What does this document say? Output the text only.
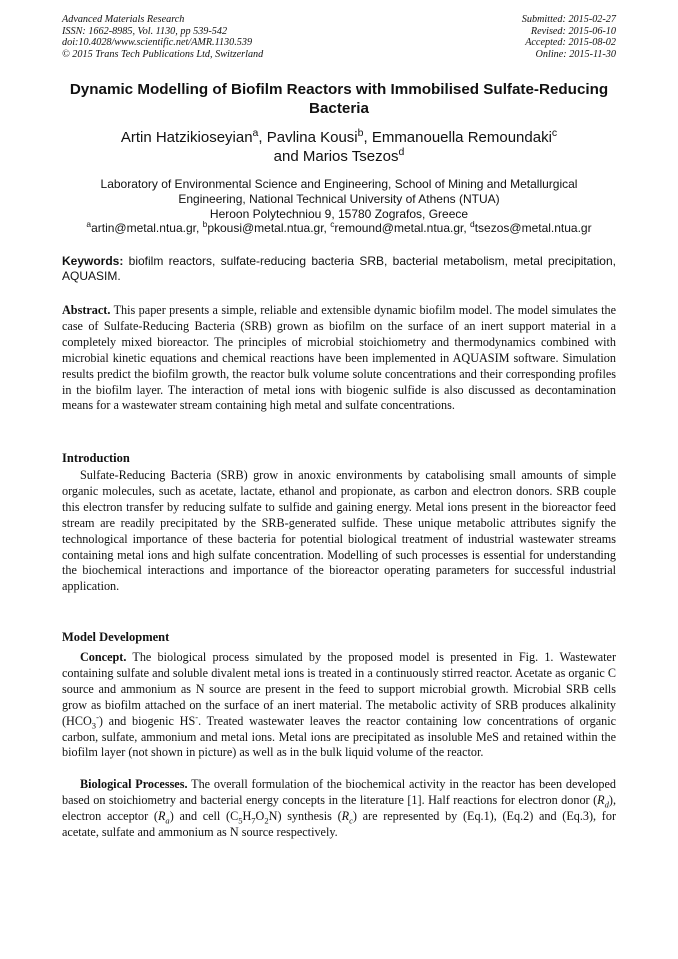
Advanced Materials Research
ISSN: 1662-8985, Vol. 1130, pp 539-542
doi:10.4028/www.scientific.net/AMR.1130.539
© 2015 Trans Tech Publications Ltd, Switzerland
Submitted: 2015-02-27
Revised: 2015-06-10
Accepted: 2015-08-02
Online: 2015-11-30
Dynamic Modelling of Biofilm Reactors with Immobilised Sulfate-Reducing Bacteria
Artin Hatzikioseyian$^a$, Pavlina Kousi$^b$, Emmanouella Remoundaki$^c$
and Marios Tsezos$^d$
Laboratory of Environmental Science and Engineering, School of Mining and Metallurgical
Engineering, National Technical University of Athens (NTUA)
Heroon Polytechniou 9, 15780 Zografos, Greece
$^a$artin@metal.ntua.gr, $^b$pkousi@metal.ntua.gr, $^c$remound@metal.ntua.gr, $^d$tsezos@metal.ntua.gr
Keywords: biofilm reactors, sulfate-reducing bacteria SRB, bacterial metabolism, metal precipitation, AQUASIM.

Abstract. This paper presents a simple, reliable and extensible dynamic biofilm model. The model simulates the case of Sulfate-Reducing Bacteria (SRB) grown as biofilm on the surface of an inert support material in a completely mixed bioreactor. The principles of microbial stoichiometry and thermodynamics combined with microbial kinetic equations and chemical reactions have been implemented in AQUASIM software. Simulation results predict the biofilm growth, the reactor bulk volume solute concentrations and their corresponding profiles in the biofilm layer. The interaction of metal ions with biogenic sulfide is also discussed as decontamination means for a wastewater stream containing high metal and sulfate concentrations.

Introduction

Sulfate-Reducing Bacteria (SRB) grow in anoxic environments by catabolising small amounts of simple organic molecules, such as acetate, lactate, ethanol and propionate, as carbon and electron donors. SRB couple this electron transfer by reducing sulfate to sulfide and gaining energy. Metal ions present in the bioreactor feed stream are readily precipitated by the SRB-generated sulfide. These unique metabolic attributes signify the technological importance of these bacteria for potential biological treatment of industrial wastewater streams containing metal ions and high sulfate concentration. Modelling of such processes is essential for understanding the biochemical interactions and importance of the bioreactor operating parameters for successful industrial application.

Model Development

Concept. The biological process simulated by the proposed model is presented in Fig. 1. Wastewater containing sulfate and soluble divalent metal ions is treated in a continuously stirred reactor. Acetate as organic C source and ammonium as N source are present in the feed to support microbial growth. Microbial SRB cells grow as biofilm attached on the surface of an inert material. The metabolic activity of SRB produces alkalinity $(HCO_3^-)$ and biogenic HS-. Treated wastewater leaves the reactor containing low concentrations of organic carbon, sulfate, ammonium and metal ions. Metal ions are precipitated as insoluble MeS and retained within the biofilm layer (not shown in picture) as well as in the bulk liquid volume of the reactor.

Biological Processes. The overall formulation of the biochemical activity in the reactor has been developed based on stoichiometry and bacterial energy concepts in the literature [1]. Half reactions for electron donor $(R_d)$, electron acceptor $(R_a)$ and cell $(C_5H_7O_2N)$ synthesis $(R_c)$ are represented by (Eq.1), (Eq.2) and (Eq.3), for acetate, sulfate and ammonium as N source respectively.
